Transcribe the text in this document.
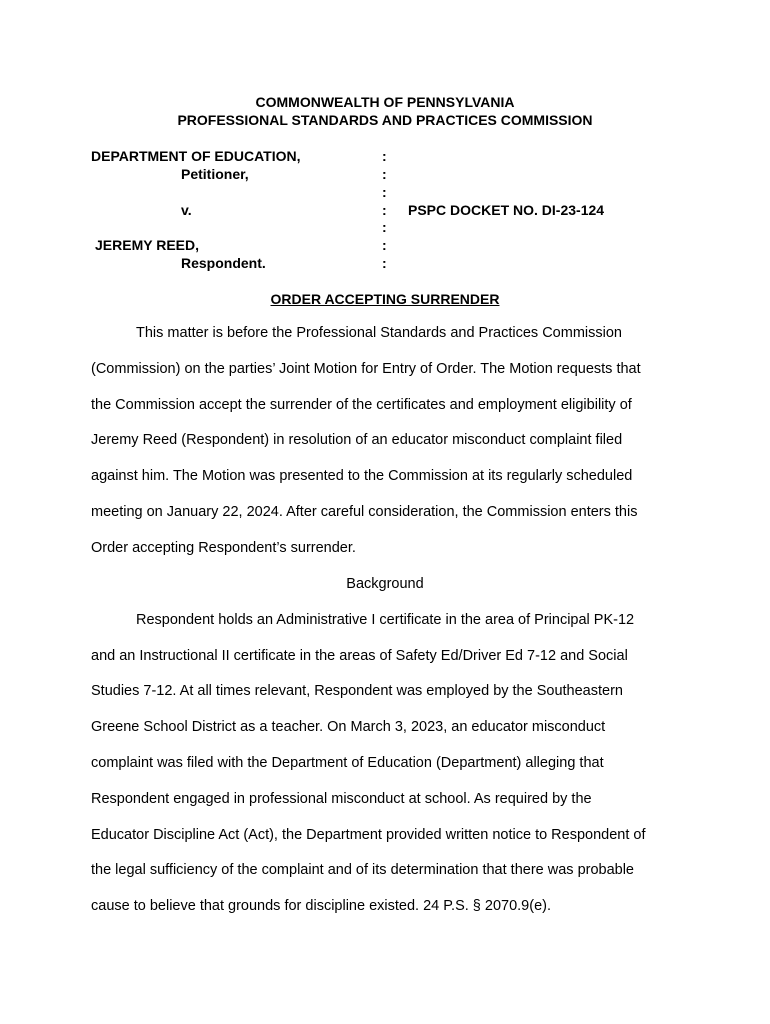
COMMONWEALTH OF PENNSYLVANIA
PROFESSIONAL STANDARDS AND PRACTICES COMMISSION
DEPARTMENT OF EDUCATION,
Petitioner,
v.
JEREMY REED,
Respondent.
:
:
:
:
:
:
:
PSPC DOCKET NO. DI-23-124
ORDER ACCEPTING SURRENDER
This matter is before the Professional Standards and Practices Commission
(Commission) on the parties’ Joint Motion for Entry of Order. The Motion requests that
the Commission accept the surrender of the certificates and employment eligibility of
Jeremy Reed (Respondent) in resolution of an educator misconduct complaint filed
against him. The Motion was presented to the Commission at its regularly scheduled
meeting on January 22, 2024. After careful consideration, the Commission enters this
Order accepting Respondent’s surrender.
Background
Respondent holds an Administrative I certificate in the area of Principal PK-12
and an Instructional II certificate in the areas of Safety Ed/Driver Ed 7-12 and Social
Studies 7-12. At all times relevant, Respondent was employed by the Southeastern
Greene School District as a teacher. On March 3, 2023, an educator misconduct
complaint was filed with the Department of Education (Department) alleging that
Respondent engaged in professional misconduct at school. As required by the
Educator Discipline Act (Act), the Department provided written notice to Respondent of
the legal sufficiency of the complaint and of its determination that there was probable
cause to believe that grounds for discipline existed. 24 P.S. § 2070.9(e).
